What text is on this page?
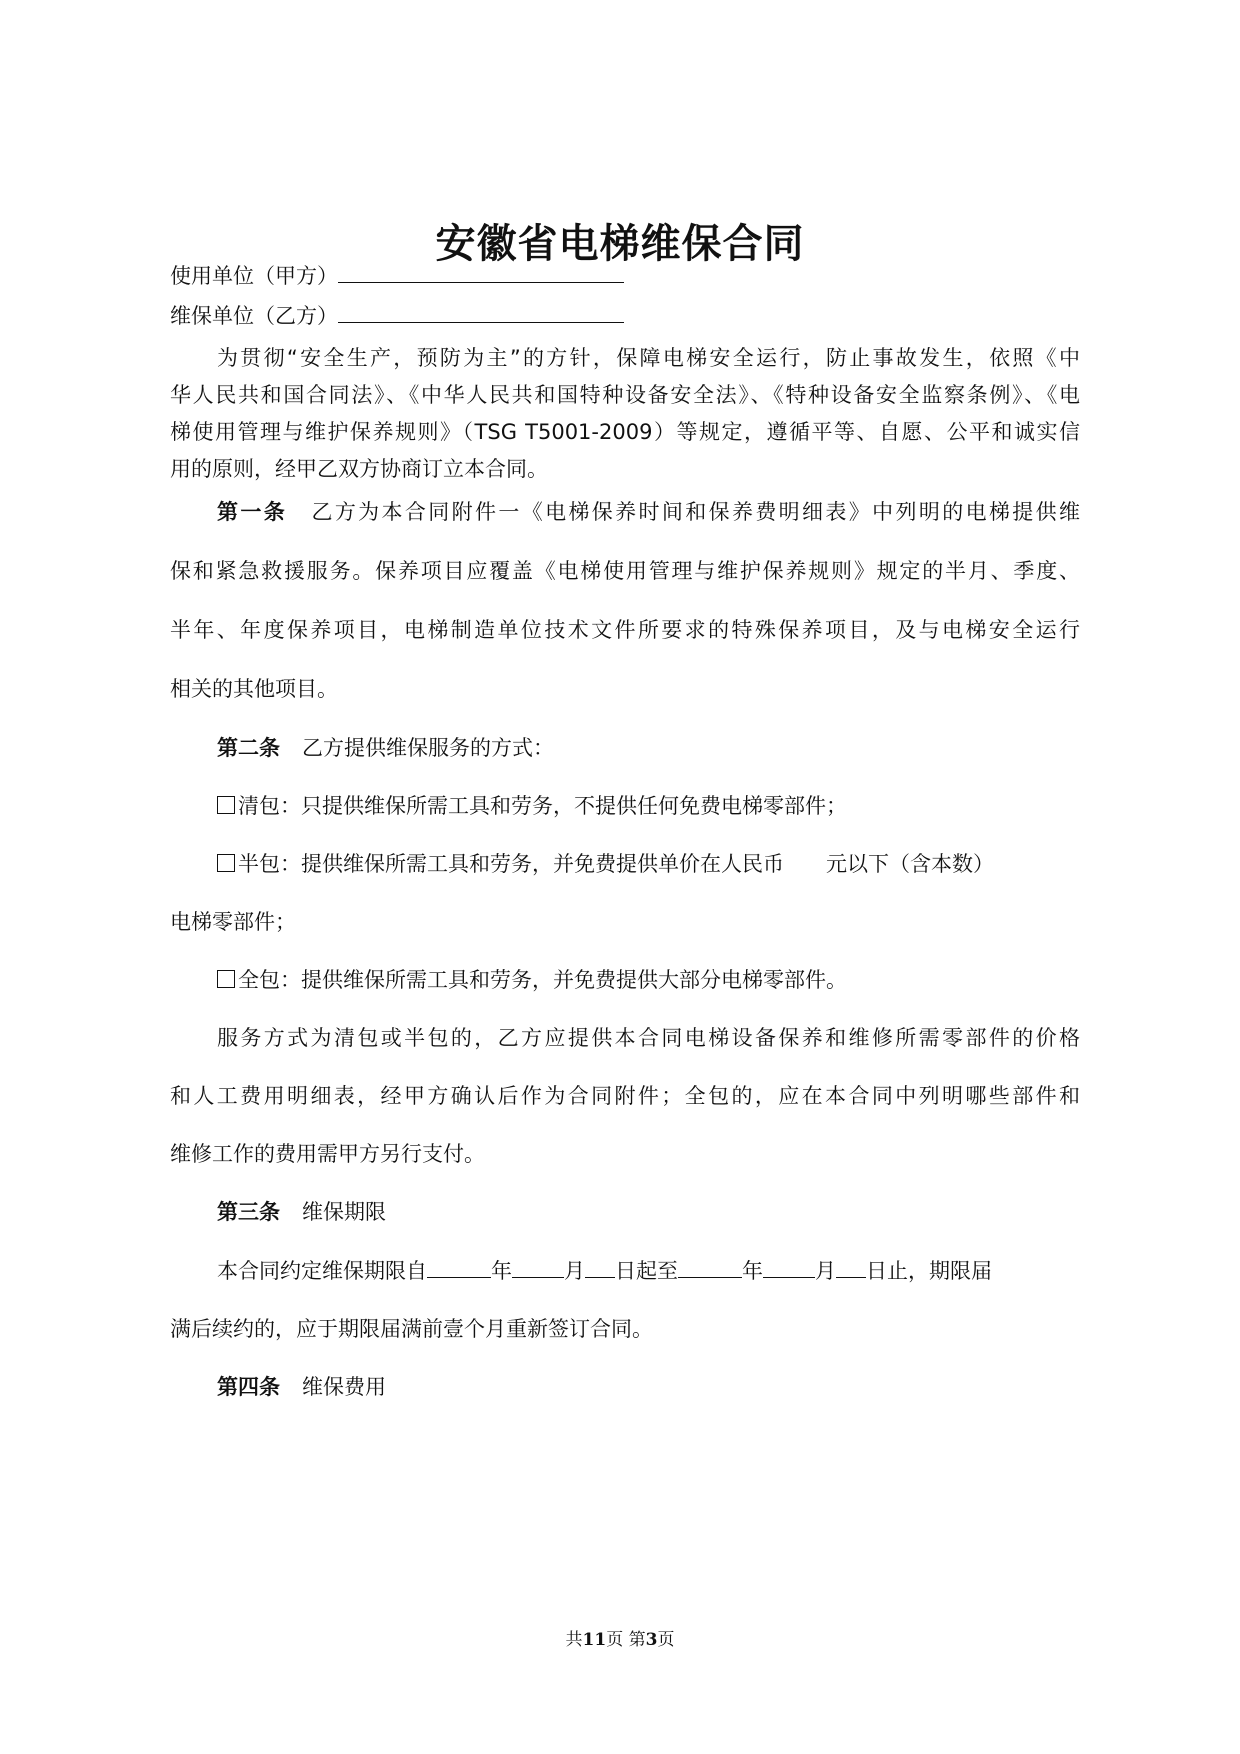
安徽省电梯维保合同
使用单位（甲方）
维保单位（乙方）
为贯彻“安全生产，预防为主”的方针，保障电梯安全运行，防止事故发生，依照《中
华人民共和国合同法》、《中华人民共和国特种设备安全法》、《特种设备安全监察条例》、《电
梯使用管理与维护保养规则》（TSG T5001-2009）等规定，遵循平等、自愿、公平和诚实信
用的原则，经甲乙双方协商订立本合同。
第一条 乙方为本合同附件一《电梯保养时间和保养费明细表》中列明的电梯提供维
保和紧急救援服务。保养项目应覆盖《电梯使用管理与维护保养规则》规定的半月、季度、
半年、年度保养项目，电梯制造单位技术文件所要求的特殊保养项目，及与电梯安全运行
相关的其他项目。
第二条 乙方提供维保服务的方式：
清包：只提供维保所需工具和劳务，不提供任何免费电梯零部件；
半包：提供维保所需工具和劳务，并免费提供单价在人民币 元以下（含本数）
电梯零部件；
全包：提供维保所需工具和劳务，并免费提供大部分电梯零部件。
服务方式为清包或半包的，乙方应提供本合同电梯设备保养和维修所需零部件的价格
和人工费用明细表，经甲方确认后作为合同附件；全包的，应在本合同中列明哪些部件和
维修工作的费用需甲方另行支付。
第三条 维保期限
本合同约定维保期限自	年 月 日起至	年 月 日止，期限届
满后续约的，应于期限届满前壹个月重新签订合同。
第四条 维保费用
共11页 第3页
